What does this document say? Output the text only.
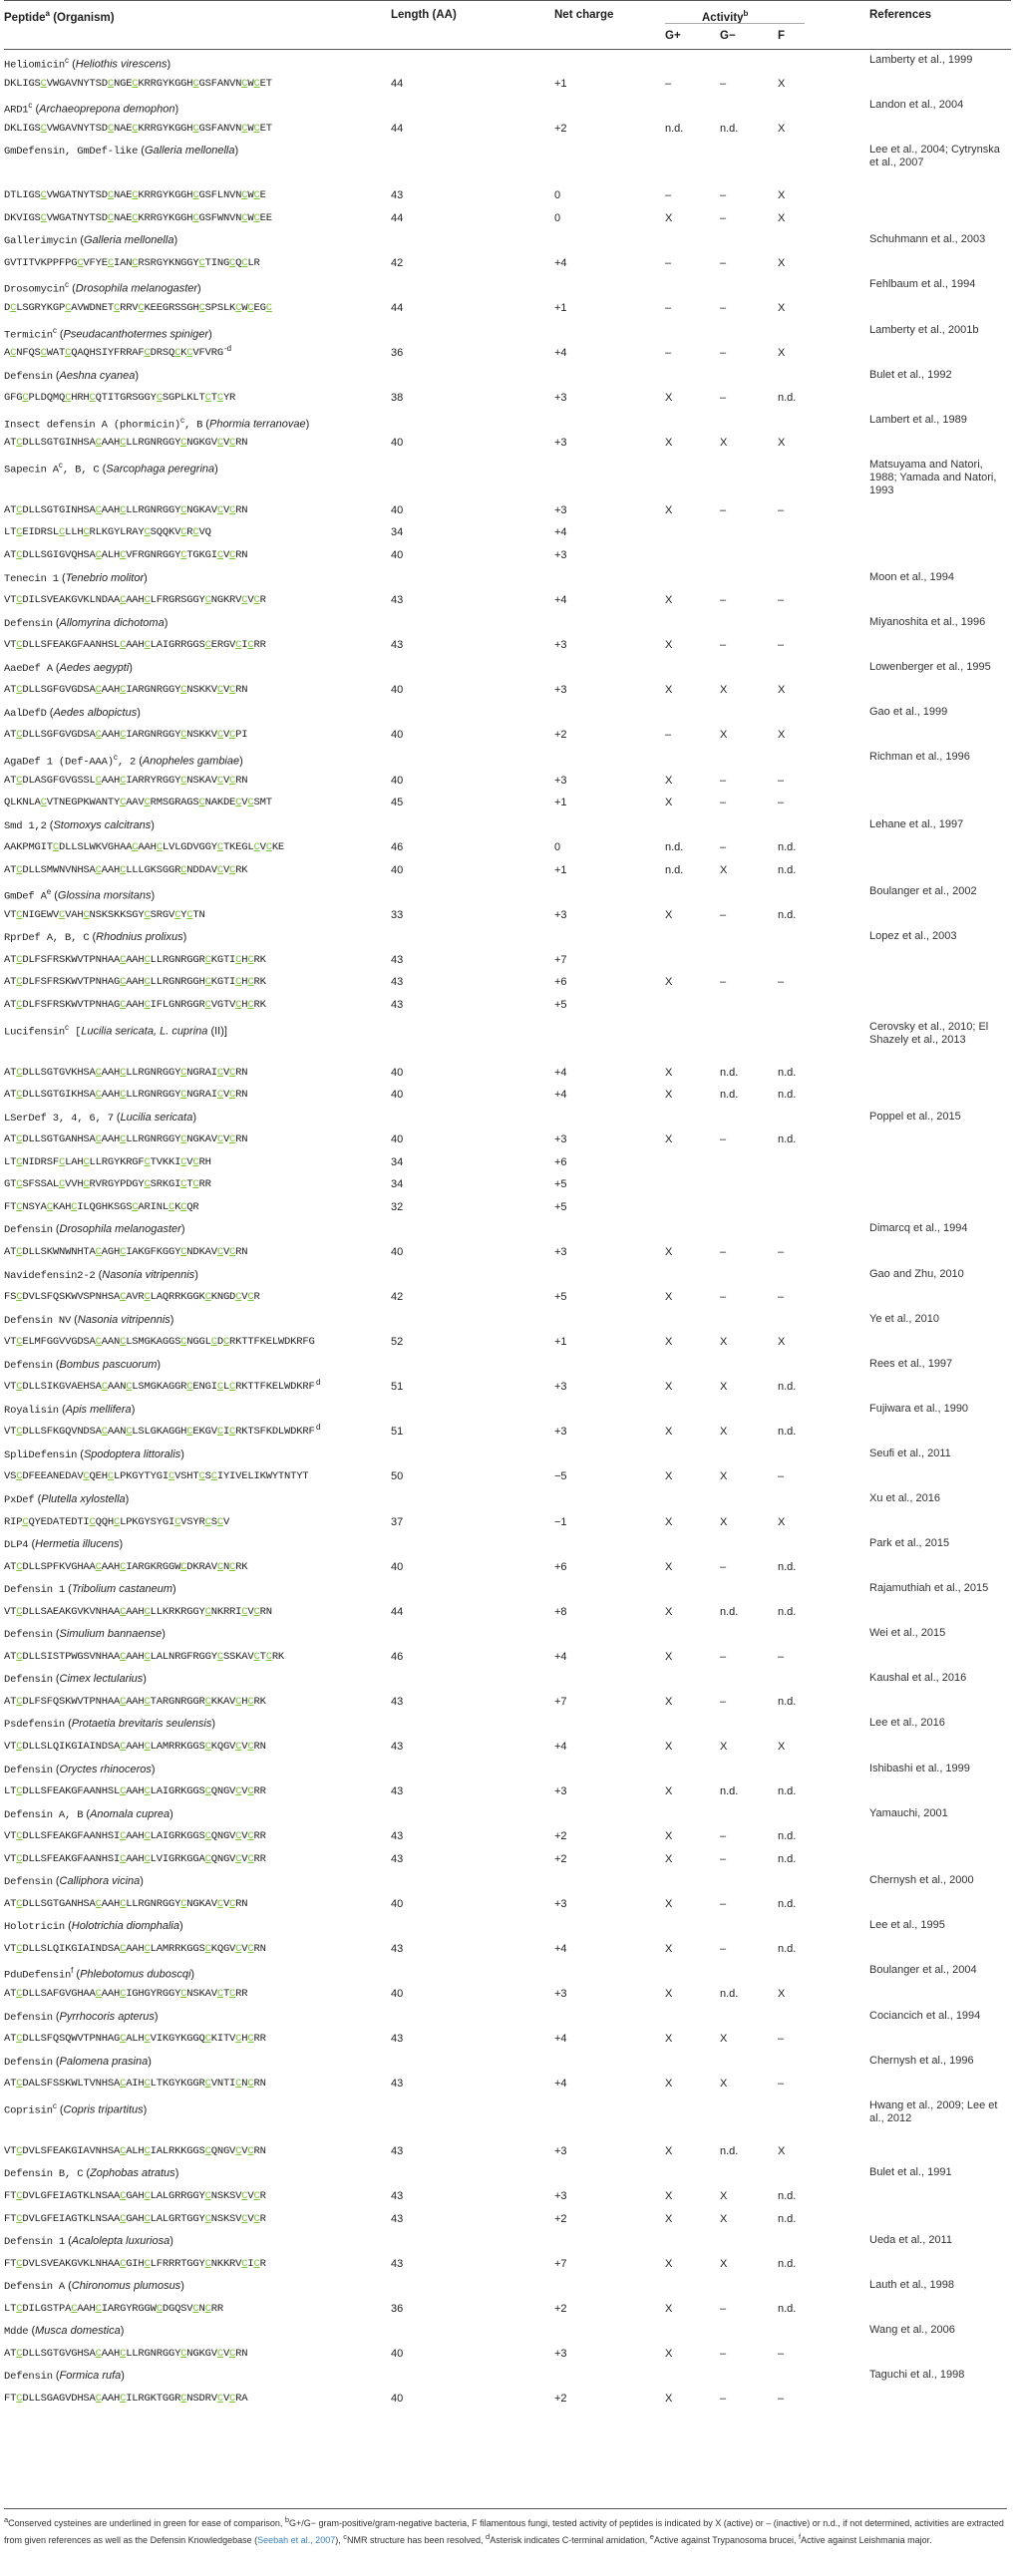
Peptide$^a$ (Organism)	Length (AA)	Net charge	Activity$^b$
G+	G−	F
References
Heliomicin$^c$ (Heliothis virescens)	Lamberty et al., 1999
DKLIGSCVWGAVNYTSDCNGECKRRGYKGGHCGSFANVNCWCET	44	+1	–	–	X
ARD1$^c$ (Archaeoprepona demophon)	Landon et al., 2004
DKLIGSCVWGAVNYTSDCNAECKRRGYKGGHCGSFANVNCWCET	44	+2	n.d.	n.d.	X
GmDefensin, GmDef-like (Galleria mellonella)	Lee et al., 2004; Cytrynska et al., 2007
DTLIGSCVWGATNYTSDCNAECKRRGYKGGHCGSFLNVNCWCE	43	0	–	–	X
DKVIGSCVWGATNYTSDCNAECKRRGYKGGHCGSFWNVNCWCEE	44	0	X	–	X
Gallerimycin (Galleria mellonella)	Schuhmann et al., 2003
GVTITVKPPFPGCVFYECIANCRSRGYKNGGYCTINGCQCLR	42	+4	–	–	X
Drosomycin$^c$ (Drosophila melanogaster)	Fehlbaum et al., 1994
DCLSGRYKGPCAVWDNETCRRVCKEEGRSSGHCSPSLKCWCEGC	44	+1	–	–	X
Termicin$^c$ (Pseudacanthotermes spiniger)	Lamberty et al., 2001b
ACNFQSCWATCQAQHSIYFRRAFCDRSQCKCVFVRG -d	36	+4	–	–	X
Defensin (Aeshna cyanea)	Bulet et al., 1992
GFGCPLDQMQCHRHCQTITGRSGGYCSGPLKLTCTCYR	38	+3	X	–	n.d.
Insect defensin A (phormicin)$^c$, B (Phormia terranovae)	Lambert et al., 1989
ATCDLLSGTGINHSACAAHCLLRGNRGGYCNGKGVCVCRN	40	+3	X	X	X
Sapecin $A^c$, B, C (Sarcophaga peregrina)	Matsuyama and Natori, 1988; Yamada and Natori, 1993
ATCDLLSGTGINHSACAAHCLLRGNRGGYCNGKAVCVCRN	40	+3	X	–	–
LTCEIDRSLCLLHCRLKGYLRAYCSQQKVCRCVQ	34	+4
ATCDLLSGIGVQHSACALHCVFRGNRGGYCTGKGICVCRN	40	+3
Tenecin 1 (Tenebrio molitor)	Moon et al., 1994
VTCDILSVEAKGVKLNDAACAAHCLFRGRSGGYCNGKRVCVCR	43	+4	X	–	–
Defensin (Allomyrina dichotoma)	Miyanoshita et al., 1996
VTCDLLSFEAKGFAANHSLCAAHCLAIGRRGGSCERGVCICRR	43	+3	X	–	–
AaeDef A (Aedes aegypti)	Lowenberger et al., 1995
ATCDLLSGFGVGDSACAAHCIARGNRGGYCNSKKVCVCRN	40	+3	X	X	X
AalDefD (Aedes albopictus)	Gao et al., 1999
ATCDLLSGFGVGDSACAAHCIARGNRGGYCNSKKVCVCPI	40	+2	–	X	X
AgaDef 1 $(Def-AAA)^c$, 2 (Anopheles gambiae)	Richman et al., 1996
ATCDLASGFGVGSSLCAAHCIARRYRGGYCNSKAVCVCRN	40	+3	X	–	–
QLKNLACVTNEGPKWANTYCAAVCRMSGRAGSCNAKDECVCSMT	45	+1	X	–	–
Smd 1,2 (Stomoxys calcitrans)	Lehane et al., 1997
AAKPMGITCDLLSLWKVGHAACAAHCLVLGDVGGYCTKEGLCVCKE	46	0	n.d.	–	n.d.
ATCDLLSMWNVNHSACAAHCLLLGKSGGRCNDDAVCVCRK	40	+1	n.d.	X	n.d.
GmDef $A^e$ (Glossina morsitans)	Boulanger et al., 2002
VTCNIGEWVCVAHCNSKSKKSGYCSRGVCYCTN	33	+3	X	–	n.d.
RprDef A, B, C (Rhodnius prolixus)	Lopez et al., 2003
ATCDLFSFRSKWVTPNHAACAAHCLLRGNRGGRCKGTICHCRK	43	+7
ATCDLFSFRSKWVTPNHAGCAAHCLLRGNRGGHCKGTICHCRK	43	+6	X	–	–
ATCDLFSFRSKWVTPNHAGCAAHCIFLGNRGGRCVGTVCHCRK	43	+5
Lucifensin$^c$ [Lucilia sericata, L. cuprina (II)]	Cerovsky et al., 2010; El Shazely et al., 2013
ATCDLLSGTGVKHSACAAHCLLRGNRGGYCNGRAICVCRN	40	+4	X	n.d.	n.d.
ATCDLLSGTGIKHSACAAHCLLRGNRGGYCNGRAICVCRN	40	+4	X	n.d.	n.d.
LSerDef 3, 4, 6, 7 (Lucilia sericata)	Poppel et al., 2015
ATCDLLSGTGANHSACAAHCLLRGNRGGYCNGKAVCVCRN	40	+3	X	–	n.d.
LTCNIDRSFCLAHCLLRGYKRGFCTVKKICVCRH	34	+6
GTCSFSSALCVVHCRVRGYPDGYCSRKGICTCRR	34	+5
FTCNSYACKAHCILQGHKSGSCARINLCKCQR	32	+5
Defensin (Drosophila melanogaster)	Dimarcq et al., 1994
ATCDLLSKWNWNHTACAGHCIAKGFKGGYCNDKAVCVCRN	40	+3	X	–	–
Navidefensin2-2 (Nasonia vitripennis)	Gao and Zhu, 2010
FSCDVLSFQSKWVSPNHSACAVRCLAQRRKGGKCKNGDCVCR	42	+5	X	–	–
Defensin NV (Nasonia vitripennis)	Ye et al., 2010
VTCELMFGGVVGDSACAANCLSMGKAGGSCNGGLCDCRKTTFKELWDKRFG	52	+1	X	X	X
Defensin (Bombus pascuorum)	Rees et al., 1997
VTCDLLSIKGVAEHSACAANCLSMGKAGGRCENGICLCRKTTFKELWDKRF d	51	+3	X	X	n.d.
Royalisin (Apis mellifera)	Fujiwara et al., 1990
VTCDLLSFKGQVNDSACAANCLSLGKAGGHCEKGVCICRKTSFKDLWDKRF d	51	+3	X	X	n.d.
SpliDefensin (Spodoptera littoralis)	Seufi et al., 2011
VSCDFEEANEDAVCQEHCLPKGYTYGICVSHTCSCIYIVELIKWYTNTYT	50	−5	X	X	–
PxDef (Plutella xylostella)	Xu et al., 2016
RIPCQYEDATEDTICQQHCLPKGYSYGICVSYRCSCV	37	−1	X	X	X
DLP4 (Hermetia illucens)	Park et al., 2015
ATCDLLSPFKVGHAACAAHCIARGKRGGWCDKRAVCNCRK	40	+6	X	–	n.d.
Defensin 1 (Tribolium castaneum)	Rajamuthiah et al., 2015
VTCDLLSAEAKGVKVNHAACAAHCLLKRKRGGYCNKRRICVCRN	44	+8	X	n.d.	n.d.
Defensin (Simulium bannaense)	Wei et al., 2015
ATCDLLSISTPWGSVNHAACAAHCLALNRGFRGGYCSSKAVCTCRK	46	+4	X	–	–
Defensin (Cimex lectularius)	Kaushal et al., 2016
ATCDLFSFQSKWVTPNHAACAAHCTARGNRGGRCKKAVCHCRK	43	+7	X	–	n.d.
Psdefensin (Protaetia brevitaris seulensis)	Lee et al., 2016
VTCDLLSLQIKGIAINDSACAAHCLAMRRKGGSCKQGVCVCRN	43	+4	X	X	X
Defensin (Oryctes rhinoceros)	Ishibashi et al., 1999
LTCDLLSFEAKGFAANHSLCAAHCLAIGRKGGSCQNGVCVCRR	43	+3	X	n.d.	n.d.
Defensin A, B (Anomala cuprea)	Yamauchi, 2001
VTCDLLSFEAKGFAANHSICAAHCLAIGRKGGSCQNGVCVCRR	43	+2	X	–	n.d.
VTCDLLSFEAKGFAANHSICAAHCLVIGRKGGACQNGVCVCRR	43	+2	X	–	n.d.
Defensin (Calliphora vicina)	Chernysh et al., 2000
ATCDLLSGTGANHSACAAHCLLRGNRGGYCNGKAVCVCRN	40	+3	X	–	n.d.
Holotricin (Holotrichia diomphalia)	Lee et al., 1995
VTCDLLSLQIKGIAINDSACAAHCLAMRRKGGSCKQGVCVCRN	43	+4	X	–	n.d.
PduDefensin$^f$ (Phlebotomus duboscqi)	Boulanger et al., 2004
ATCDLLSAFGVGHAACAAHCIGHGYRGGYCNSKAVCTCRR	40	+3	X	n.d.	X
Defensin (Pyrrhocoris apterus)	Cociancich et al., 1994
ATCDLLSFQSQWVTPNHAGCALHCVIKGYKGGQCKITVCHCRR	43	+4	X	X	–
Defensin (Palomena prasina)	Chernysh et al., 1996
ATCDALSFSSKWLTVNHSACAIHCLTKGYKGGRCVNTICNCRN	43	+4	X	X	–
Coprisin$^c$ (Copris tripartitus)	Hwang et al., 2009; Lee et al., 2012
VTCDVLSFEAKGIAVNHSACALHCIALRKKGGSCQNGVCVCRN	43	+3	X	n.d.	X
Defensin B, C (Zophobas atratus)	Bulet et al., 1991
FTCDVLGFEIAGTKLNSAACGAHCLALGRRGGYCNSKSVCVCR	43	+3	X	X	n.d.
FTCDVLGFEIAGTKLNSAACGAHCLALGRTGGYCNSKSVCVCR	43	+2	X	X	n.d.
Defensin 1 (Acalolepta luxuriosa)	Ueda et al., 2011
FTCDVLSVEAKGVKLNHAACGIHCLFRRRTGGYCNKKRVCICR	43	+7	X	X	n.d.
Defensin A (Chironomus plumosus)	Lauth et al., 1998
LTCDILGSTPACAAHCIARGYRGGWCDGQSVCNCRR	36	+2	X	–	n.d.
Mdde (Musca domestica)	Wang et al., 2006
ATCDLLSGTGVGHSACAAHCLLRGNRGGYCNGKGVCVCRN	40	+3	X	–	–
Defensin (Formica rufa)	Taguchi et al., 1998
FTCDLLSGAGVDHSACAAHCILRGKTGGRCNSDRVCVCRA	40	+2	X	–	–
$^a$Conserved cysteines are underlined in green for ease of comparison, $^b$G+/G− gram-positive/gram-negative bacteria, F filamentous fungi, tested activity of peptides is indicated by X (active) or – (inactive) or n.d., if not determined, activities are extracted from given references as well as the Defensin Knowledgebase (Seebah et al., 2007), $^c$NMR structure has been resolved, $^d$Asterisk indicates C-terminal amidation, $^e$Active against Trypanosoma brucei, $^f$Active against Leishmania major.
